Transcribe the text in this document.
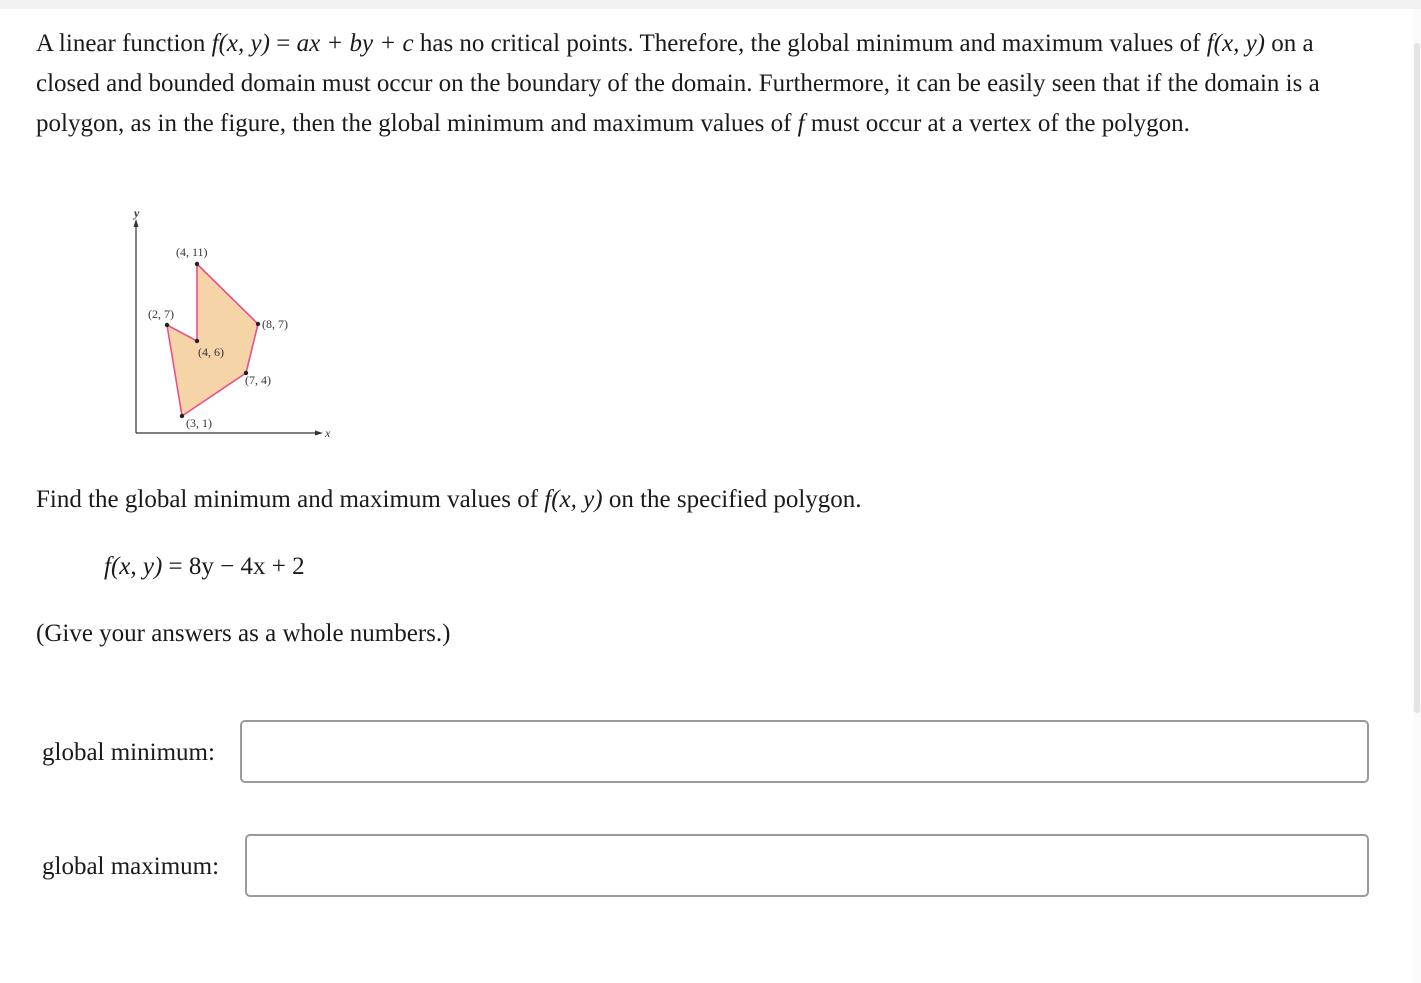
A linear function f(x, y) = ax + by + c has no critical points. Therefore, the global minimum and maximum values of f(x, y) on a closed and bounded domain must occur on the boundary of the domain. Furthermore, it can be easily seen that if the domain is a polygon, as in the figure, then the global minimum and maximum values of f must occur at a vertex of the polygon.

y
x
(4, 11)
(2, 7)
(8, 7)
(4, 6)
(7, 4)
(3, 1)

Find the global minimum and maximum values of f(x, y) on the specified polygon.

f(x, y) = 8y − 4x + 2

(Give your answers as a whole numbers.)

global minimum:
global maximum:
